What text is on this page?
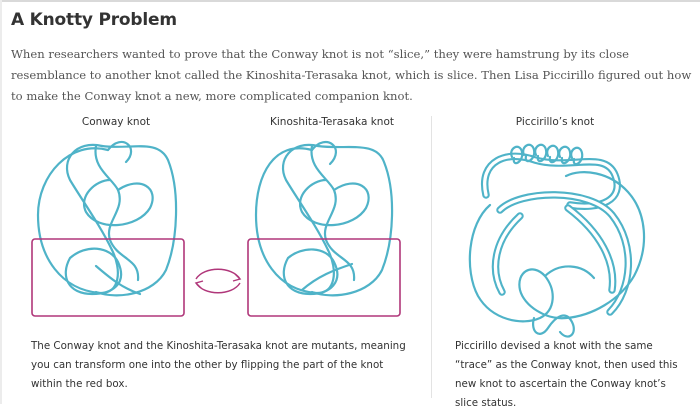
A Knotty Problem

When researchers wanted to prove that the Conway knot is not “slice,” they were hamstrung by its close resemblance to another knot called the Kinoshita-Terasaka knot, which is slice. Then Lisa Piccirillo figured out how to make the Conway knot a new, more complicated companion knot.

Conway knot	Kinoshita-Terasaka knot	Piccirillo’s knot

The Conway knot and the Kinoshita-Terasaka knot are mutants, meaning you can transform one into the other by flipping the part of the knot within the red box.

Piccirillo devised a knot with the same “trace” as the Conway knot, then used this new knot to ascertain the Conway knot’s slice status.
